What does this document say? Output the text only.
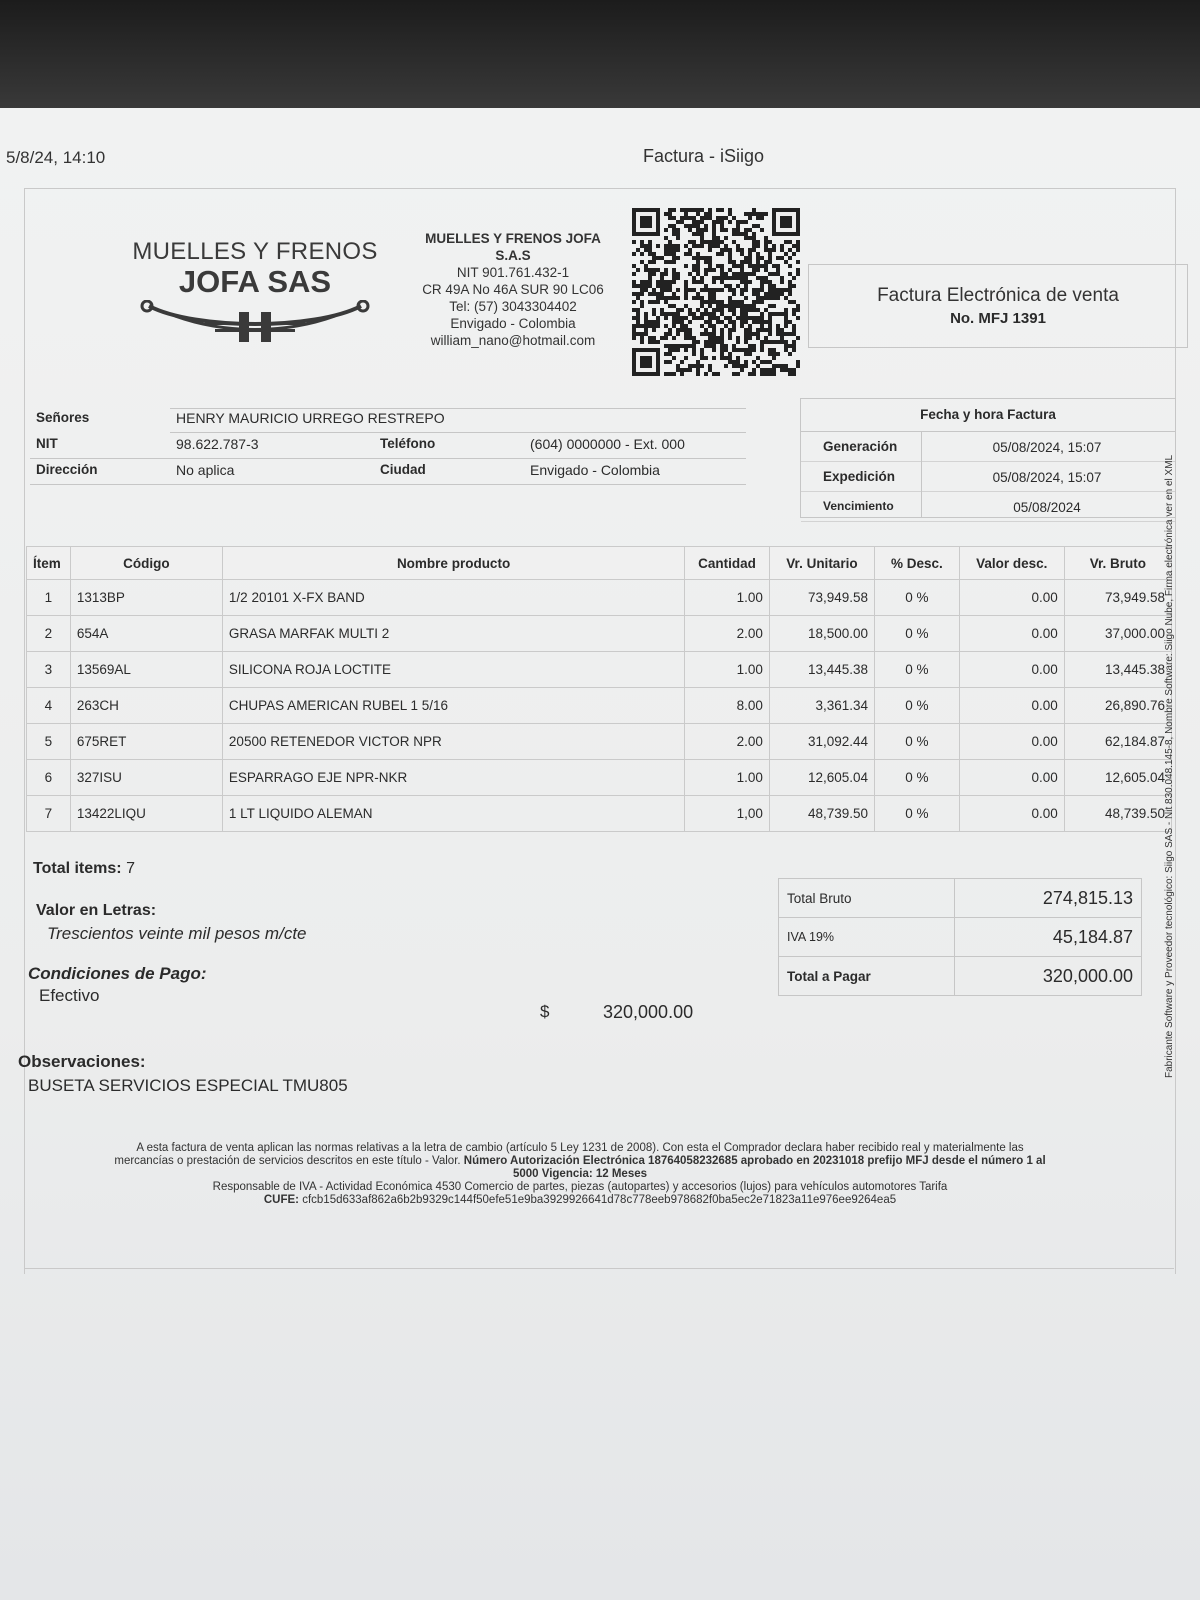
5/8/24, 14:10	Factura - iSiigo
MUELLES Y FRENOS
JOFA SAS
MUELLES Y FRENOS JOFA
S.A.S
NIT 901.761.432-1
CR 49A No 46A SUR 90 LC06
Tel: (57) 3043304402
Envigado - Colombia
william_nano@hotmail.com
Factura Electrónica de venta
No. MFJ 1391
Señores	HENRY MAURICIO URREGO RESTREPO
NIT	98.622.787-3	Teléfono	(604) 0000000 - Ext. 000
Dirección	No aplica	Ciudad	Envigado - Colombia
Fecha y hora Factura
Generación	05/08/2024, 15:07
Expedición	05/08/2024, 15:07
Vencimiento	05/08/2024
Ítem	Código	Nombre producto	Cantidad	Vr. Unitario	% Desc.	Valor desc.	Vr. Bruto
1	1313BP	1/2 20101 X-FX BAND	1.00	73,949.58	0 %	0.00	73,949.58
2	654A	GRASA MARFAK MULTI 2	2.00	18,500.00	0 %	0.00	37,000.00
3	13569AL	SILICONA ROJA LOCTITE	1.00	13,445.38	0 %	0.00	13,445.38
4	263CH	CHUPAS AMERICAN RUBEL 1 5/16	8.00	3,361.34	0 %	0.00	26,890.76
5	675RET	20500 RETENEDOR VICTOR NPR	2.00	31,092.44	0 %	0.00	62,184.87
6	327ISU	ESPARRAGO EJE NPR-NKR	1.00	12,605.04	0 %	0.00	12,605.04
7	13422LIQU	1 LT LIQUIDO ALEMAN	1,00	48,739.50	0 %	0.00	48,739.50
Total items: 7
Valor en Letras:
Trescientos veinte mil pesos m/cte
Condiciones de Pago:
Efectivo
$	320,000.00
Total Bruto	274,815.13
IVA 19%	45,184.87
Total a Pagar	320,000.00
Observaciones:
BUSETA SERVICIOS ESPECIAL TMU805
A esta factura de venta aplican las normas relativas a la letra de cambio (artículo 5 Ley 1231 de 2008). Con esta el Comprador declara haber recibido real y materialmente las
mercancías o prestación de servicios descritos en este título - Valor. Número Autorización Electrónica 18764058232685 aprobado en 20231018 prefijo MFJ desde el número 1 al
5000 Vigencia: 12 Meses
Responsable de IVA - Actividad Económica 4530 Comercio de partes, piezas (autopartes) y accesorios (lujos) para vehículos automotores Tarifa
CUFE: cfcb15d633af862a6b2b9329c144f50efe51e9ba3929926641d78c778eeb978682f0ba5ec2e71823a11e976ee9264ea5
Fabricante Software y Proveedor tecnológico: Siigo SAS - Nit 830.048.145-8, Nombre Software: Siigo Nube, Firma electrónica ver en el XML
